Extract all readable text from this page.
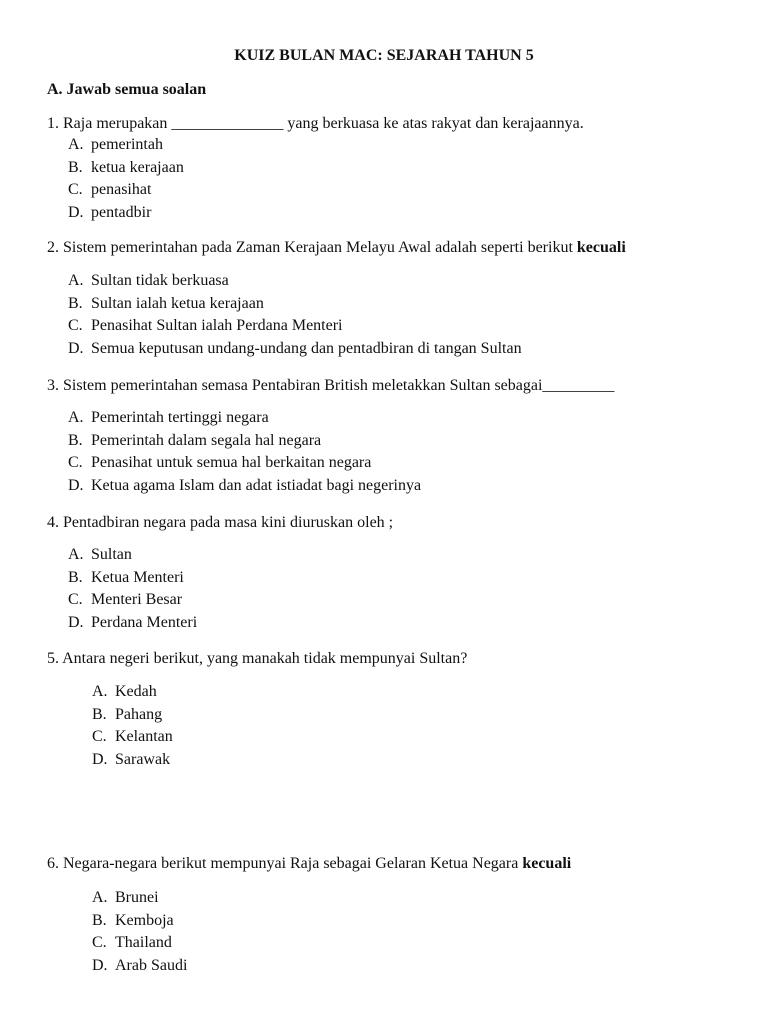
KUIZ BULAN MAC: SEJARAH TAHUN 5
A. Jawab semua soalan
1. Raja merupakan ______________ yang berkuasa ke atas rakyat dan kerajaannya.
A. pemerintah
B. ketua kerajaan
C. penasihat
D. pentadbir
2. Sistem pemerintahan pada Zaman Kerajaan Melayu Awal adalah seperti berikut kecuali
A. Sultan tidak berkuasa
B. Sultan ialah ketua kerajaan
C. Penasihat Sultan ialah Perdana Menteri
D. Semua keputusan undang-undang dan pentadbiran di tangan Sultan
3. Sistem pemerintahan semasa Pentabiran British meletakkan Sultan sebagai_________
A. Pemerintah tertinggi negara
B. Pemerintah dalam segala hal negara
C. Penasihat untuk semua hal berkaitan negara
D. Ketua agama Islam dan adat istiadat bagi negerinya
4. Pentadbiran negara pada masa kini diuruskan oleh ;
A. Sultan
B. Ketua Menteri
C. Menteri Besar
D. Perdana Menteri
5. Antara negeri berikut, yang manakah tidak mempunyai Sultan?
A. Kedah
B. Pahang
C. Kelantan
D. Sarawak
6. Negara-negara berikut mempunyai Raja sebagai Gelaran Ketua Negara kecuali
A. Brunei
B. Kemboja
C. Thailand
D. Arab Saudi
